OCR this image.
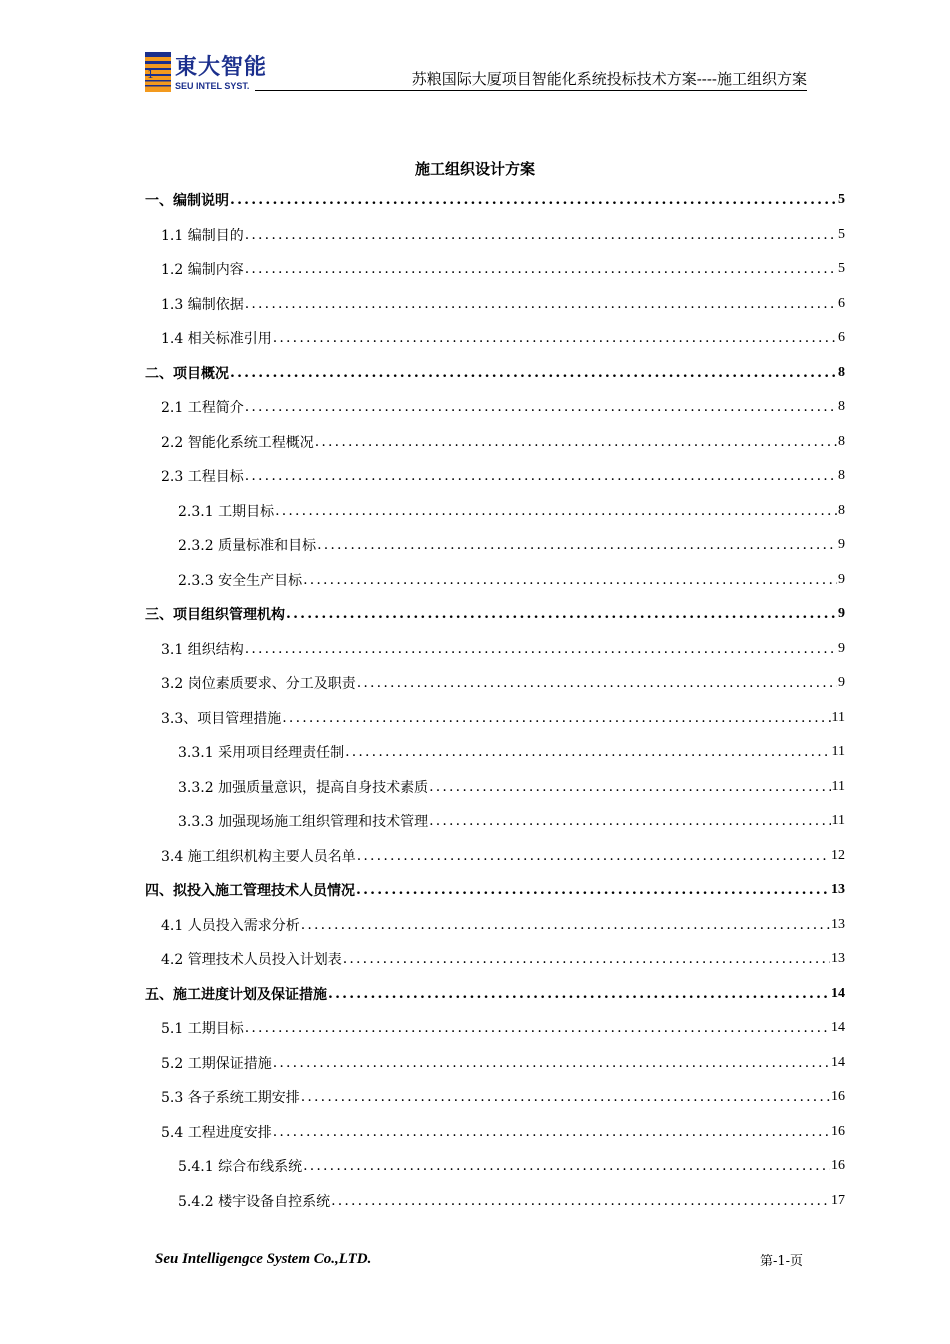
1 東大智能
SEU INTEL SYST.	苏粮国际大厦项目智能化系统投标技术方案----施工组织方案
施工组织设计方案
一、编制说明 .....	5
1.1 编制目的 .....	5
1.2 编制内容 .....	5
1.3 编制依据 .....	6
1.4 相关标准引用 .....	6
二、项目概况 .....	8
2.1 工程简介 .....	8
2.2 智能化系统工程概况 .....	8
2.3 工程目标 .....	8
2.3.1 工期目标 .....	8
2.3.2 质量标准和目标 .....	9
2.3.3 安全生产目标 .....	9
三、项目组织管理机构 .....	9
3.1 组织结构 .....	9
3.2 岗位素质要求、分工及职责 .....	9
3.3、项目管理措施 .....	11
3.3.1 采用项目经理责任制 .....	11
3.3.2 加强质量意识，提高自身技术素质 .....	11
3.3.3 加强现场施工组织管理和技术管理 .....	11
3.4 施工组织机构主要人员名单 .....	12
四、拟投入施工管理技术人员情况 .....	13
4.1 人员投入需求分析 .....	13
4.2 管理技术人员投入计划表 .....	13
五、施工进度计划及保证措施 .....	14
5.1 工期目标 .....	14
5.2 工期保证措施 .....	14
5.3 各子系统工期安排 .....	16
5.4 工程进度安排 .....	16
5.4.1 综合布线系统 .....	16
5.4.2 楼宇设备自控系统 .....	17
Seu Intelligengce System Co.,LTD.	第-1-页
